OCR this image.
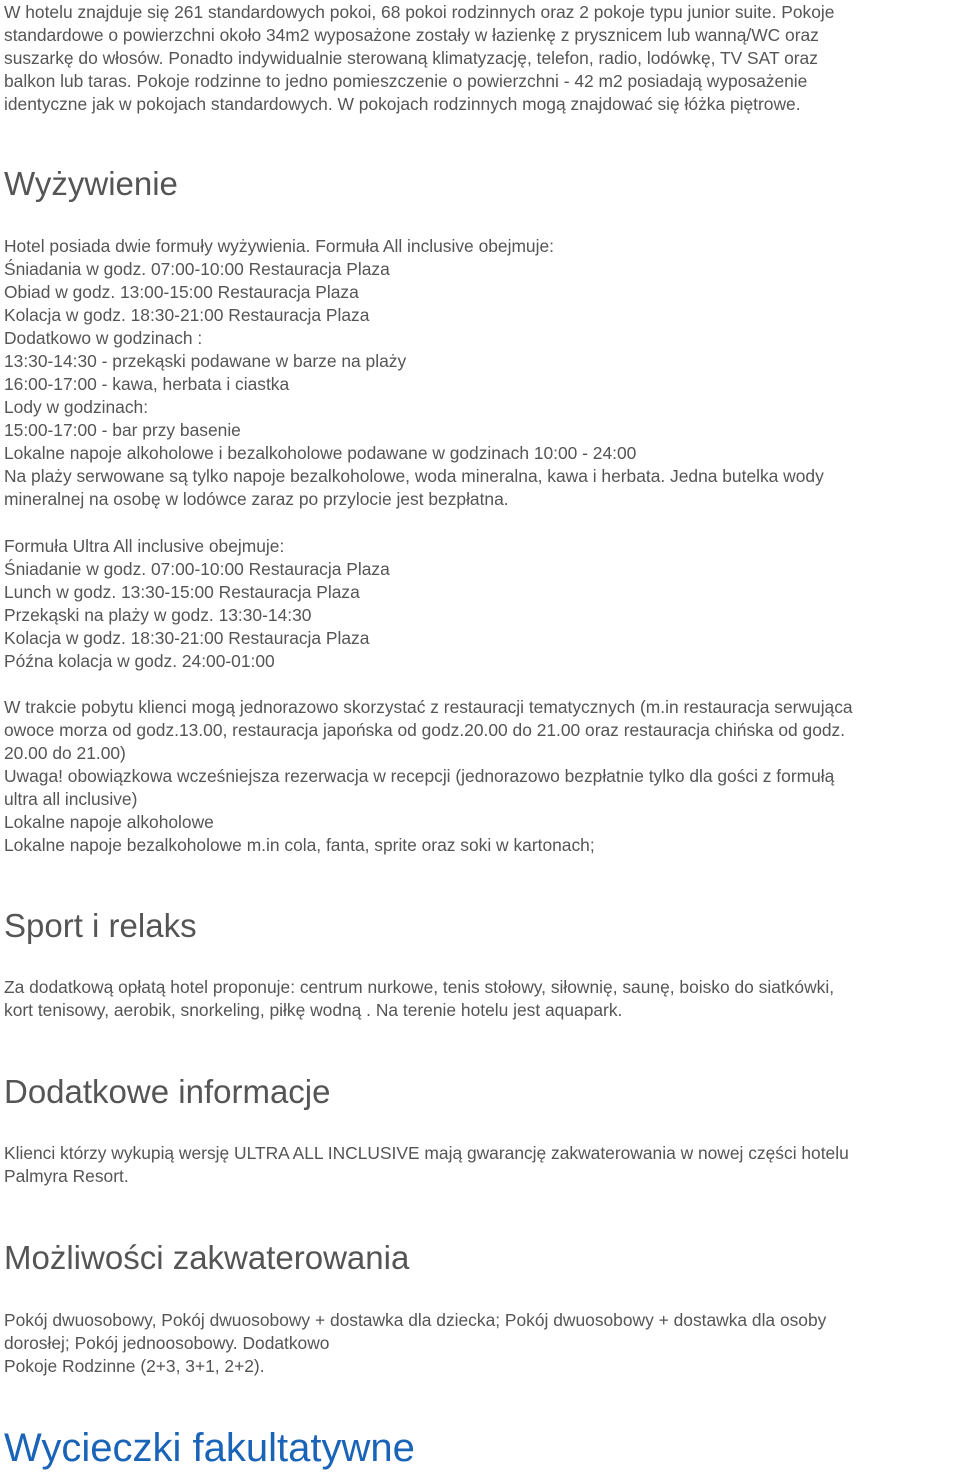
W hotelu znajduje się 261 standardowych pokoi, 68 pokoi rodzinnych oraz 2 pokoje typu junior suite. Pokoje
standardowe o powierzchni około 34m2 wyposażone zostały w łazienkę z prysznicem lub wanną/WC oraz
suszarkę do włosów. Ponadto indywidualnie sterowaną klimatyzację, telefon, radio, lodówkę, TV SAT oraz
balkon lub taras. Pokoje rodzinne to jedno pomieszczenie o powierzchni - 42 m2 posiadają wyposażenie
identyczne jak w pokojach standardowych. W pokojach rodzinnych mogą znajdować się łóżka piętrowe.

Wyżywienie

Hotel posiada dwie formuły wyżywienia. Formuła All inclusive obejmuje:
Śniadania w godz. 07:00-10:00 Restauracja Plaza
Obiad w godz. 13:00-15:00 Restauracja Plaza
Kolacja w godz. 18:30-21:00 Restauracja Plaza
Dodatkowo w godzinach :
13:30-14:30 - przekąski podawane w barze na plaży
16:00-17:00 - kawa, herbata i ciastka
Lody w godzinach:
15:00-17:00 - bar przy basenie
Lokalne napoje alkoholowe i bezalkoholowe podawane w godzinach 10:00 - 24:00
Na plaży serwowane są tylko napoje bezalkoholowe, woda mineralna, kawa i herbata. Jedna butelka wody
mineralnej na osobę w lodówce zaraz po przylocie jest bezpłatna.

Formuła Ultra All inclusive obejmuje:
Śniadanie w godz. 07:00-10:00 Restauracja Plaza
Lunch w godz. 13:30-15:00 Restauracja Plaza
Przekąski na plaży w godz. 13:30-14:30
Kolacja w godz. 18:30-21:00 Restauracja Plaza
Późna kolacja w godz. 24:00-01:00

W trakcie pobytu klienci mogą jednorazowo skorzystać z restauracji tematycznych (m.in restauracja serwująca
owoce morza od godz.13.00, restauracja japońska od godz.20.00 do 21.00 oraz restauracja chińska od godz.
20.00 do 21.00)
Uwaga! obowiązkowa wcześniejsza rezerwacja w recepcji (jednorazowo bezpłatnie tylko dla gości z formułą
ultra all inclusive)
Lokalne napoje alkoholowe
Lokalne napoje bezalkoholowe m.in cola, fanta, sprite oraz soki w kartonach;

Sport i relaks

Za dodatkową opłatą hotel proponuje: centrum nurkowe, tenis stołowy, siłownię, saunę, boisko do siatkówki,
kort tenisowy, aerobik, snorkeling, piłkę wodną . Na terenie hotelu jest aquapark.

Dodatkowe informacje

Klienci którzy wykupią wersję ULTRA ALL INCLUSIVE mają gwarancję zakwaterowania w nowej części hotelu
Palmyra Resort.

Możliwości zakwaterowania

Pokój dwuosobowy, Pokój dwuosobowy + dostawka dla dziecka; Pokój dwuosobowy + dostawka dla osoby
dorosłej; Pokój jednoosobowy. Dodatkowo
Pokoje Rodzinne (2+3, 3+1, 2+2).

Wycieczki fakultatywne
